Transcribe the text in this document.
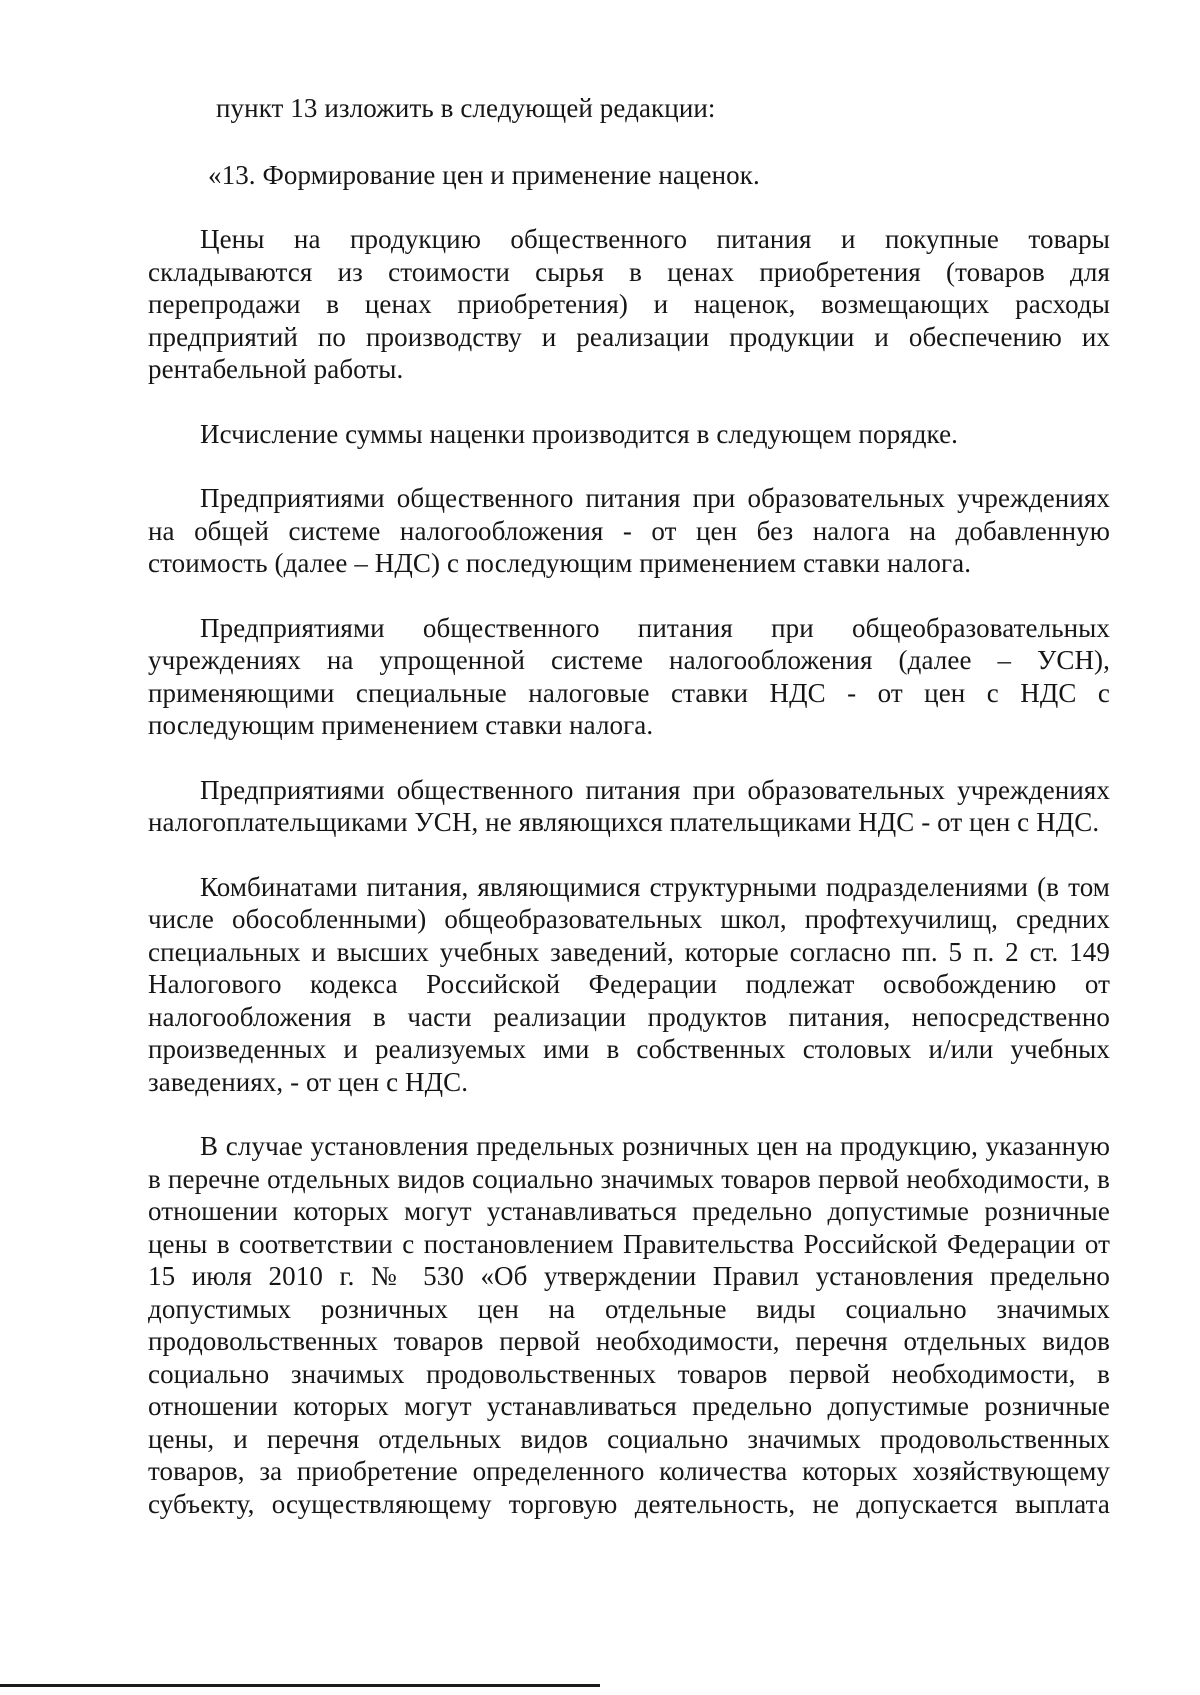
пункт 13 изложить в следующей редакции:

«13. Формирование цен и применение наценок.

Цены на продукцию общественного питания и покупные товары складываются из стоимости сырья в ценах приобретения (товаров для перепродажи в ценах приобретения) и наценок, возмещающих расходы предприятий по производству и реализации продукции и обеспечению их рентабельной работы.

Исчисление суммы наценки производится в следующем порядке.

Предприятиями общественного питания при образовательных учреждениях на общей системе налогообложения - от цен без налога на добавленную стоимость (далее – НДС) с последующим применением ставки налога.

Предприятиями общественного питания при общеобразовательных учреждениях на упрощенной системе налогообложения (далее – УСН), применяющими специальные налоговые ставки НДС - от цен с НДС с последующим применением ставки налога.

Предприятиями общественного питания при образовательных учреждениях налогоплательщиками УСН, не являющихся плательщиками НДС - от цен с НДС.

Комбинатами питания, являющимися структурными подразделениями (в том числе обособленными) общеобразовательных школ, профтехучилищ, средних специальных и высших учебных заведений, которые согласно пп. 5 п. 2 ст. 149 Налогового кодекса Российской Федерации подлежат освобождению от налогообложения в части реализации продуктов питания, непосредственно произведенных и реализуемых ими в собственных столовых и/или учебных заведениях, - от цен с НДС.

В случае установления предельных розничных цен на продукцию, указанную в перечне отдельных видов социально значимых товаров первой необходимости, в отношении которых могут устанавливаться предельно допустимые розничные цены в соответствии с постановлением Правительства Российской Федерации от 15 июля 2010 г. № 530 «Об утверждении Правил установления предельно допустимых розничных цен на отдельные виды социально значимых продовольственных товаров первой необходимости, перечня отдельных видов социально значимых продовольственных товаров первой необходимости, в отношении которых могут устанавливаться предельно допустимые розничные цены, и перечня отдельных видов социально значимых продовольственных товаров, за приобретение определенного количества которых хозяйствующему субъекту, осуществляющему торговую деятельность, не допускается выплата
